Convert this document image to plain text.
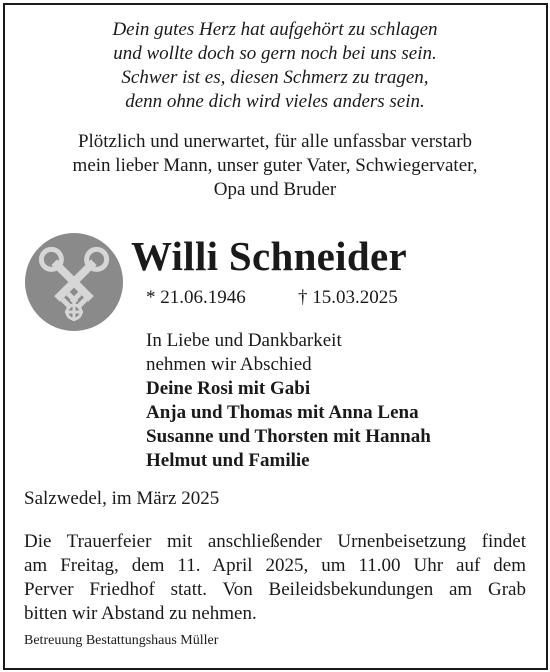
Dein gutes Herz hat aufgehört zu schlagen
und wollte doch so gern noch bei uns sein.
Schwer ist es, diesen Schmerz zu tragen,
denn ohne dich wird vieles anders sein.
Plötzlich und unerwartet, für alle unfassbar verstarb
mein lieber Mann, unser guter Vater, Schwiegervater,
Opa und Bruder
Willi Schneider
* 21.06.1946	† 15.03.2025
In Liebe und Dankbarkeit
nehmen wir Abschied
Deine Rosi mit Gabi
Anja und Thomas mit Anna Lena
Susanne und Thorsten mit Hannah
Helmut und Familie
Salzwedel, im März 2025
Die Trauerfeier mit anschließender Urnenbeisetzung findet
am Freitag, dem 11. April 2025, um 11.00 Uhr auf dem
Perver Friedhof statt. Von Beileidsbekundungen am Grab
bitten wir Abstand zu nehmen.
Betreuung Bestattungshaus Müller
